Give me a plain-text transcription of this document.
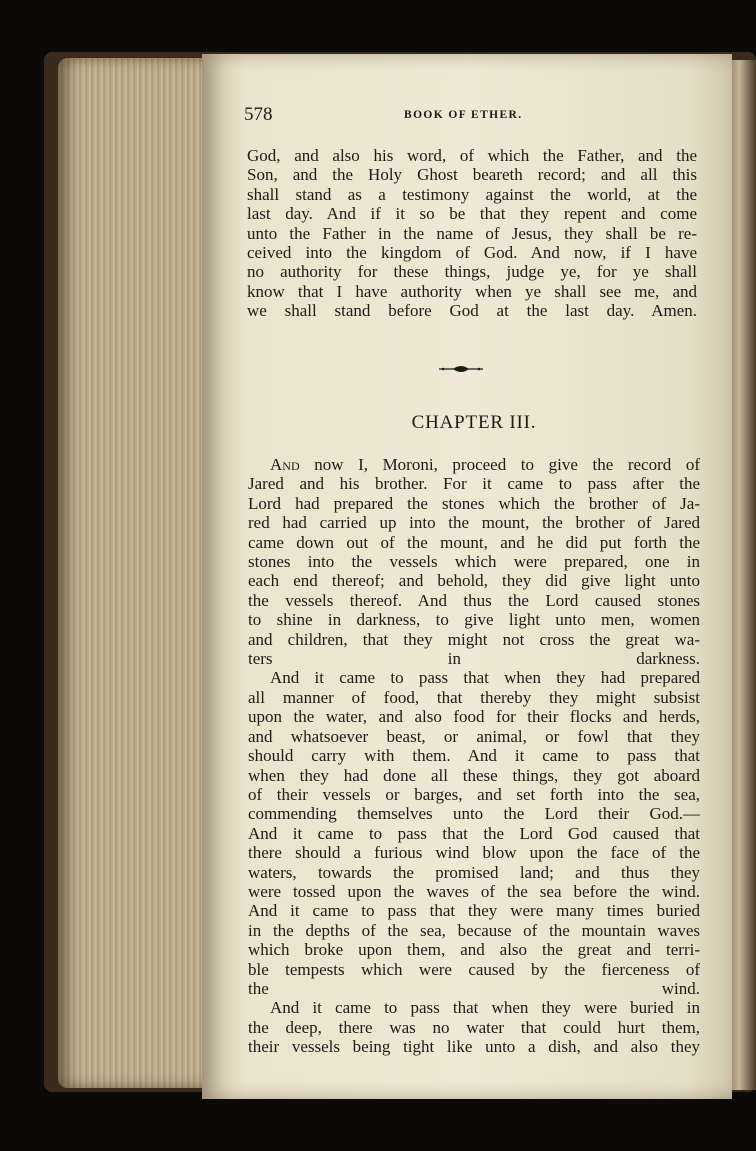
578	BOOK OF ETHER.
God, and also his word, of which the Father, and the
Son, and the Holy Ghost beareth record; and all this
shall stand as a testimony against the world, at the
last day. And if it so be that they repent and come
unto the Father in the name of Jesus, they shall be re-
ceived into the kingdom of God. And now, if I have
no authority for these things, judge ye, for ye shall
know that I have authority when ye shall see me, and
we shall stand before God at the last day. Amen.
CHAPTER III.
And now I, Moroni, proceed to give the record of
Jared and his brother. For it came to pass after the
Lord had prepared the stones which the brother of Ja-
red had carried up into the mount, the brother of Jared
came down out of the mount, and he did put forth the
stones into the vessels which were prepared, one in
each end thereof; and behold, they did give light unto
the vessels thereof. And thus the Lord caused stones
to shine in darkness, to give light unto men, women
and children, that they might not cross the great wa-
ters in darkness.
And it came to pass that when they had prepared
all manner of food, that thereby they might subsist
upon the water, and also food for their flocks and herds,
and whatsoever beast, or animal, or fowl that they
should carry with them. And it came to pass that
when they had done all these things, they got aboard
of their vessels or barges, and set forth into the sea,
commending themselves unto the Lord their God.—
And it came to pass that the Lord God caused that
there should a furious wind blow upon the face of the
waters, towards the promised land; and thus they
were tossed upon the waves of the sea before the wind.
And it came to pass that they were many times buried
in the depths of the sea, because of the mountain waves
which broke upon them, and also the great and terri-
ble tempests which were caused by the fierceness of
the wind.
And it came to pass that when they were buried in
the deep, there was no water that could hurt them,
their vessels being tight like unto a dish, and also they
